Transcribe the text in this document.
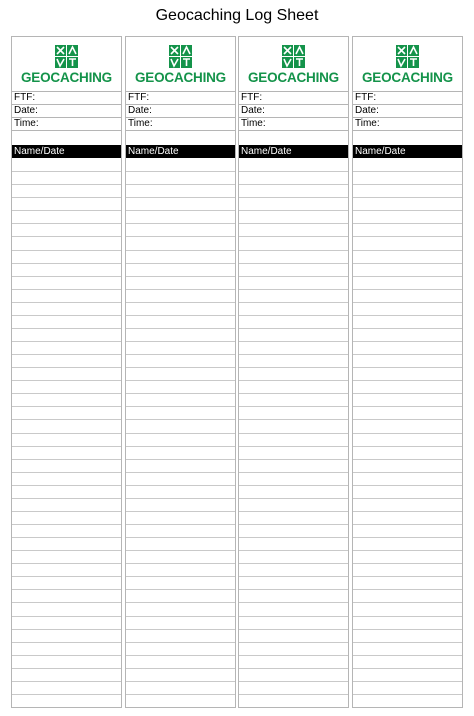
Geocaching Log Sheet
GEOCACHING
FTF:
Date:
Time:
Name/Date
GEOCACHING
FTF:
Date:
Time:
Name/Date
GEOCACHING
FTF:
Date:
Time:
Name/Date
GEOCACHING
FTF:
Date:
Time:
Name/Date
